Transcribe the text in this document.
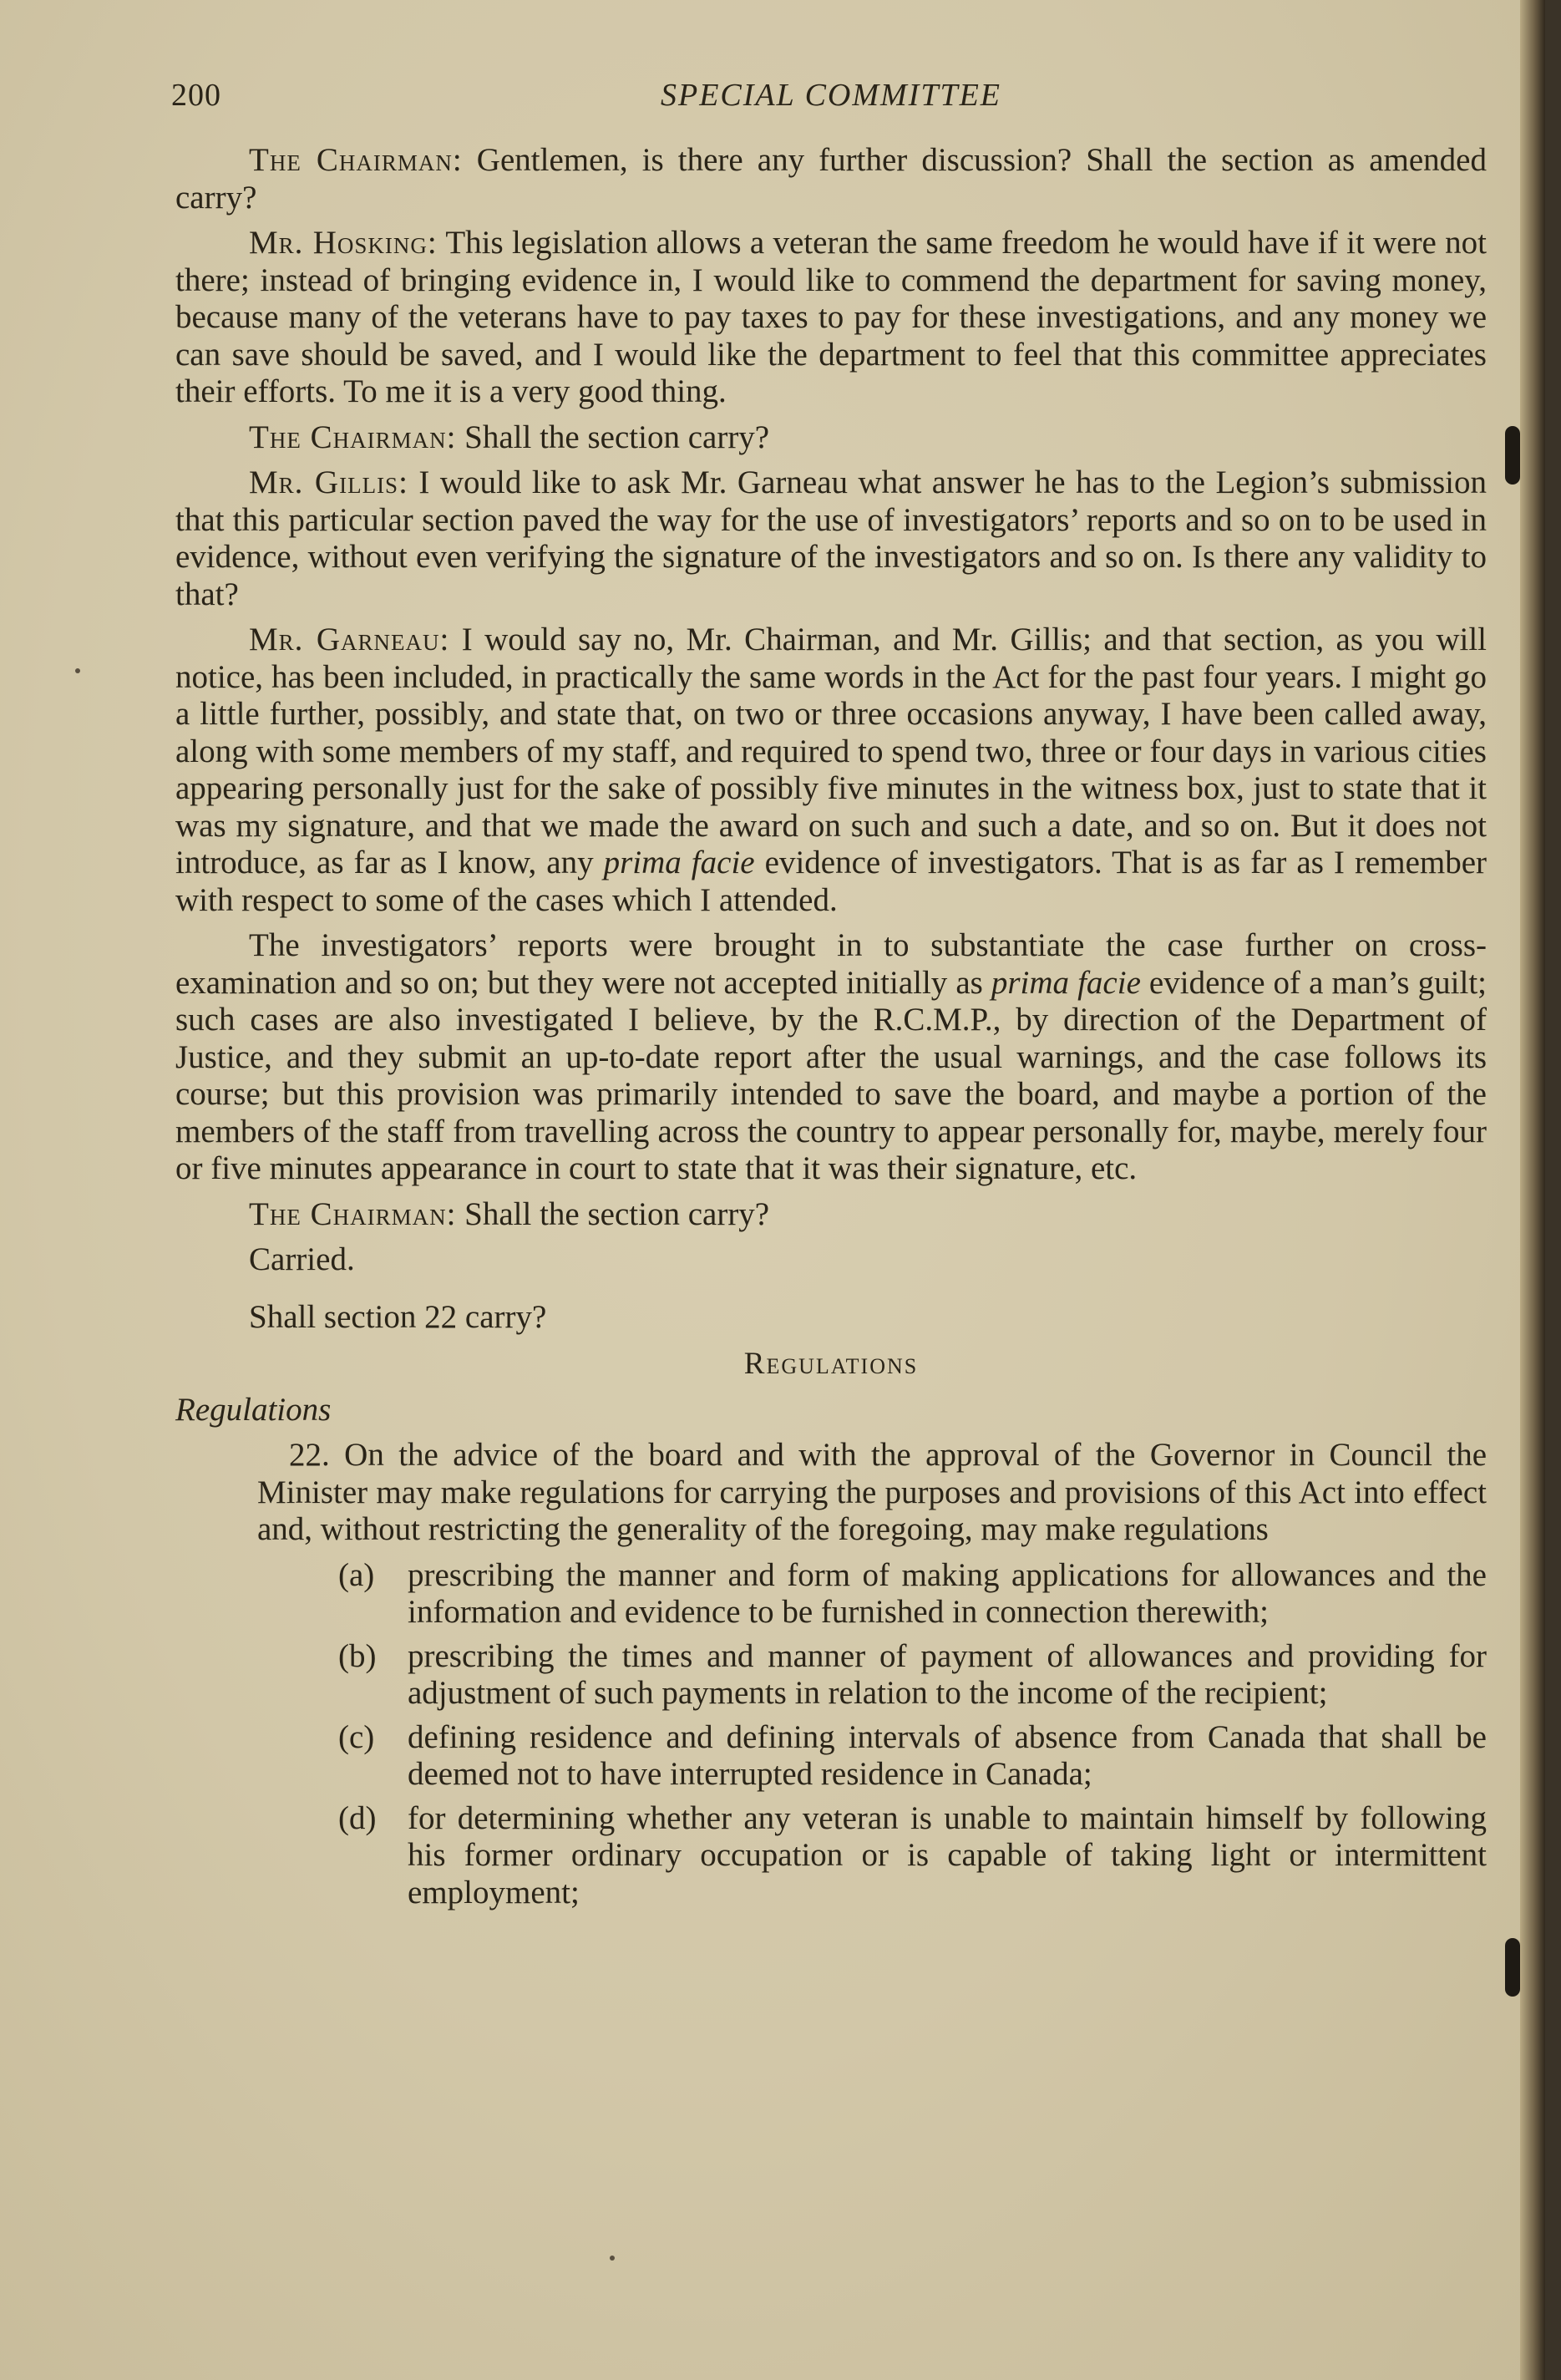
200	SPECIAL COMMITTEE

The Chairman: Gentlemen, is there any further discussion? Shall the section as amended carry?

Mr. Hosking: This legislation allows a veteran the same freedom he would have if it were not there; instead of bringing evidence in, I would like to commend the department for saving money, because many of the veterans have to pay taxes to pay for these investigations, and any money we can save should be saved, and I would like the department to feel that this committee appreciates their efforts. To me it is a very good thing.

The Chairman: Shall the section carry?

Mr. Gillis: I would like to ask Mr. Garneau what answer he has to the Legion’s submission that this particular section paved the way for the use of investigators’ reports and so on to be used in evidence, without even verifying the signature of the investigators and so on. Is there any validity to that?

Mr. Garneau: I would say no, Mr. Chairman, and Mr. Gillis; and that section, as you will notice, has been included, in practically the same words in the Act for the past four years. I might go a little further, possibly, and state that, on two or three occasions anyway, I have been called away, along with some members of my staff, and required to spend two, three or four days in various cities appearing personally just for the sake of possibly five minutes in the witness box, just to state that it was my signature, and that we made the award on such and such a date, and so on. But it does not introduce, as far as I know, any prima facie evidence of investigators. That is as far as I remember with respect to some of the cases which I attended.

The investigators’ reports were brought in to substantiate the case further on cross-examination and so on; but they were not accepted initially as prima facie evidence of a man’s guilt; such cases are also investigated I believe, by the R.C.M.P., by direction of the Department of Justice, and they submit an up-to-date report after the usual warnings, and the case follows its course; but this provision was primarily intended to save the board, and maybe a portion of the members of the staff from travelling across the country to appear personally for, maybe, merely four or five minutes appearance in court to state that it was their signature, etc.

The Chairman: Shall the section carry?

Carried.

Shall section 22 carry?

Regulations

Regulations

22. On the advice of the board and with the approval of the Governor in Council the Minister may make regulations for carrying the purposes and provisions of this Act into effect and, without restricting the generality of the foregoing, may make regulations

(a) prescribing the manner and form of making applications for allowances and the information and evidence to be furnished in connection therewith;
(b) prescribing the times and manner of payment of allowances and providing for adjustment of such payments in relation to the income of the recipient;
(c) defining residence and defining intervals of absence from Canada that shall be deemed not to have interrupted residence in Canada;
(d) for determining whether any veteran is unable to maintain himself by following his former ordinary occupation or is capable of taking light or intermittent employment;
